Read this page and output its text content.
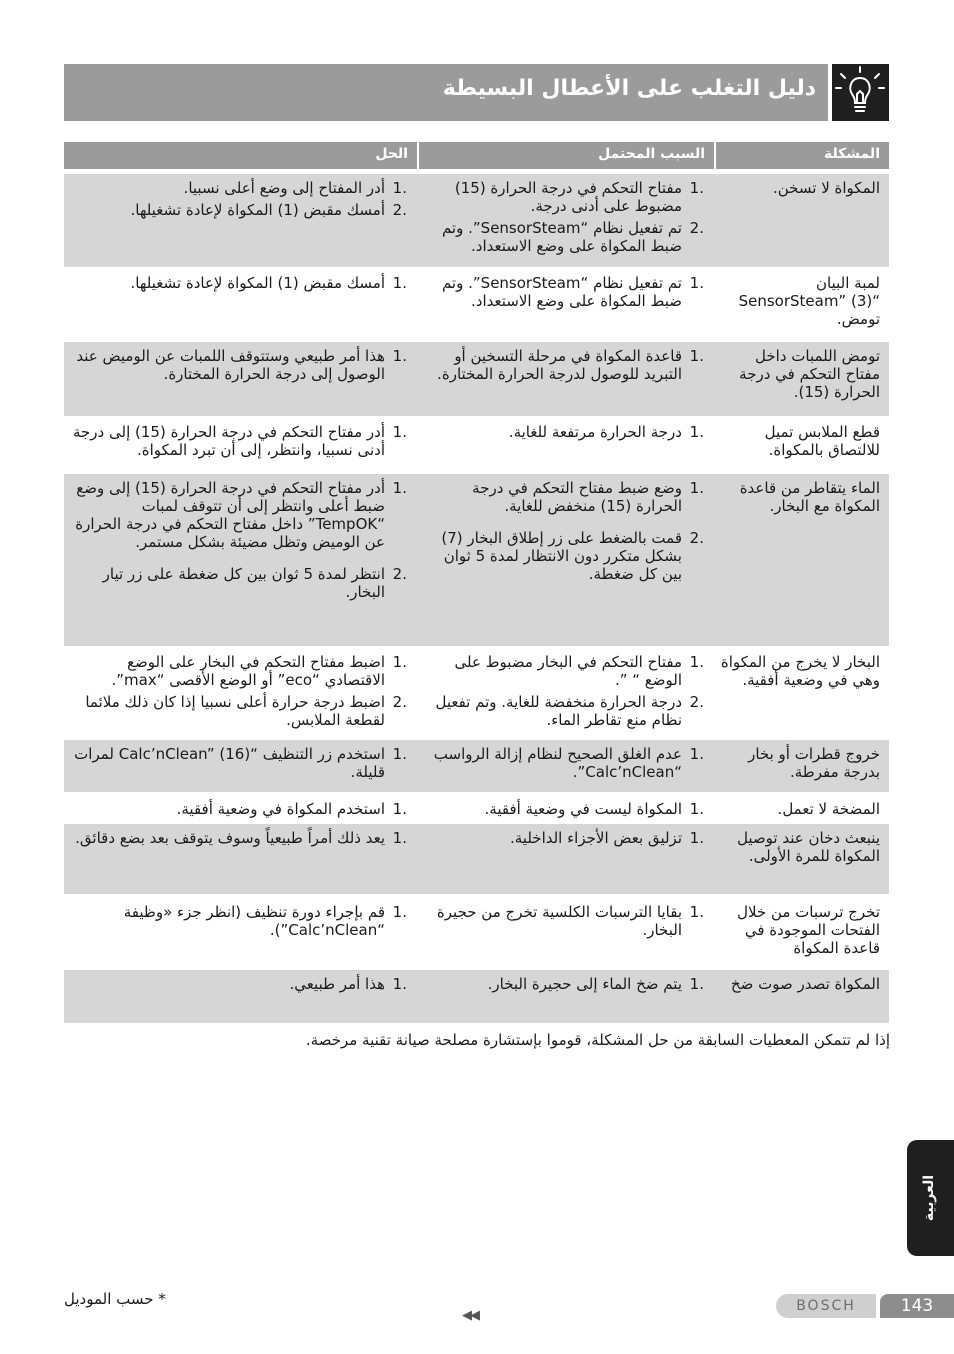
دليل التغلب على الأعطال البسيطة
المشكلة
السبب المحتمل
الحل
المكواة لا تسخن.
.1
مفتاح التحكم في درجة الحرارة (15) مضبوط على أدنى درجة.
.2
تم تفعيل نظام “SensorSteam”. وتم ضبط المكواة على وضع الاستعداد.
.1
أدر المفتاح إلى وضع أعلى نسبيا.
.2
أمسك مقبض (1) المكواة لإعادة تشغيلها.
لمبة البيان “SensorSteam” (3) تومض.
.1
تم تفعيل نظام “SensorSteam”. وتم ضبط المكواة على وضع الاستعداد.
.1
أمسك مقبض (1) المكواة لإعادة تشغيلها.
تومض اللمبات داخل مفتاح التحكم في درجة الحرارة (15).
.1
قاعدة المكواة في مرحلة التسخين أو التبريد للوصول لدرجة الحرارة المختارة.
.1
هذا أمر طبيعي وستتوقف اللمبات عن الوميض عند الوصول إلى درجة الحرارة المختارة.
قطع الملابس تميل للالتصاق بالمكواة.
.1
درجة الحرارة مرتفعة للغاية.
.1
أدر مفتاح التحكم في درجة الحرارة (15) إلى درجة أدنى نسبيا، وانتظر، إلى أن تبرد المكواة.
الماء يتقاطر من قاعدة المكواة مع البخار.
.1
وضع ضبط مفتاح التحكم في درجة الحرارة (15) منخفض للغاية.
.2
قمت بالضغط على زر إطلاق البخار (7) بشكل متكرر دون الانتظار لمدة 5 ثوان بين كل ضغطة.
.1
أدر مفتاح التحكم في درجة الحرارة (15) إلى وضع ضبط أعلى وانتظر إلى أن تتوقف لمبات “TempOK” داخل مفتاح التحكم في درجة الحرارة عن الوميض وتظل مضيئة بشكل مستمر.
.2
انتظر لمدة 5 ثوان بين كل ضغطة على زر تيار البخار.
البخار لا يخرج من المكواة وهي في وضعية أفقية.
.1
مفتاح التحكم في البخار مضبوط على الوضع “ ”.
.2
درجة الحرارة منخفضة للغاية. وتم تفعيل نظام منع تقاطر الماء.
.1
اضبط مفتاح التحكم في البخار على الوضع الاقتصادي “eco” أو الوضع الأقصى “max”.
.2
اضبط درجة حرارة أعلى نسبيا إذا كان ذلك ملائما لقطعة الملابس.
خروج قطرات أو بخار بدرجة مفرطة.
.1
عدم الغلق الصحيح لنظام إزالة الرواسب “Calc’nClean”.
.1
استخدم زر التنظيف “Calc’nClean” (16) لمرات قليلة.
المضخة لا تعمل.
.1
المكواة ليست في وضعية أفقية.
.1
استخدم المكواة في وضعية أفقية.
ينبعث دخان عند توصيل المكواة للمرة الأولى.
.1
تزليق بعض الأجزاء الداخلية.
.1
يعد ذلك أمراً طبيعياً وسوف يتوقف بعد بضع دقائق.
تخرج ترسبات من خلال الفتحات الموجودة في قاعدة المكواة
.1
بقايا الترسبات الكلسية تخرج من حجيرة البخار.
.1
قم بإجراء دورة تنظيف (انظر جزء «وظيفة “Calc’nClean”).
المكواة تصدر صوت ضخ
.1
يتم ضخ الماء إلى حجيرة البخار.
.1
هذا أمر طبيعي.
إذا لم تتمكن المعطيات السابقة من حل المشكلة، قوموا بإستشارة مصلحة صيانة تقنية مرخصة.
العربية
* حسب الموديل
◀◀
BOSCH	143
